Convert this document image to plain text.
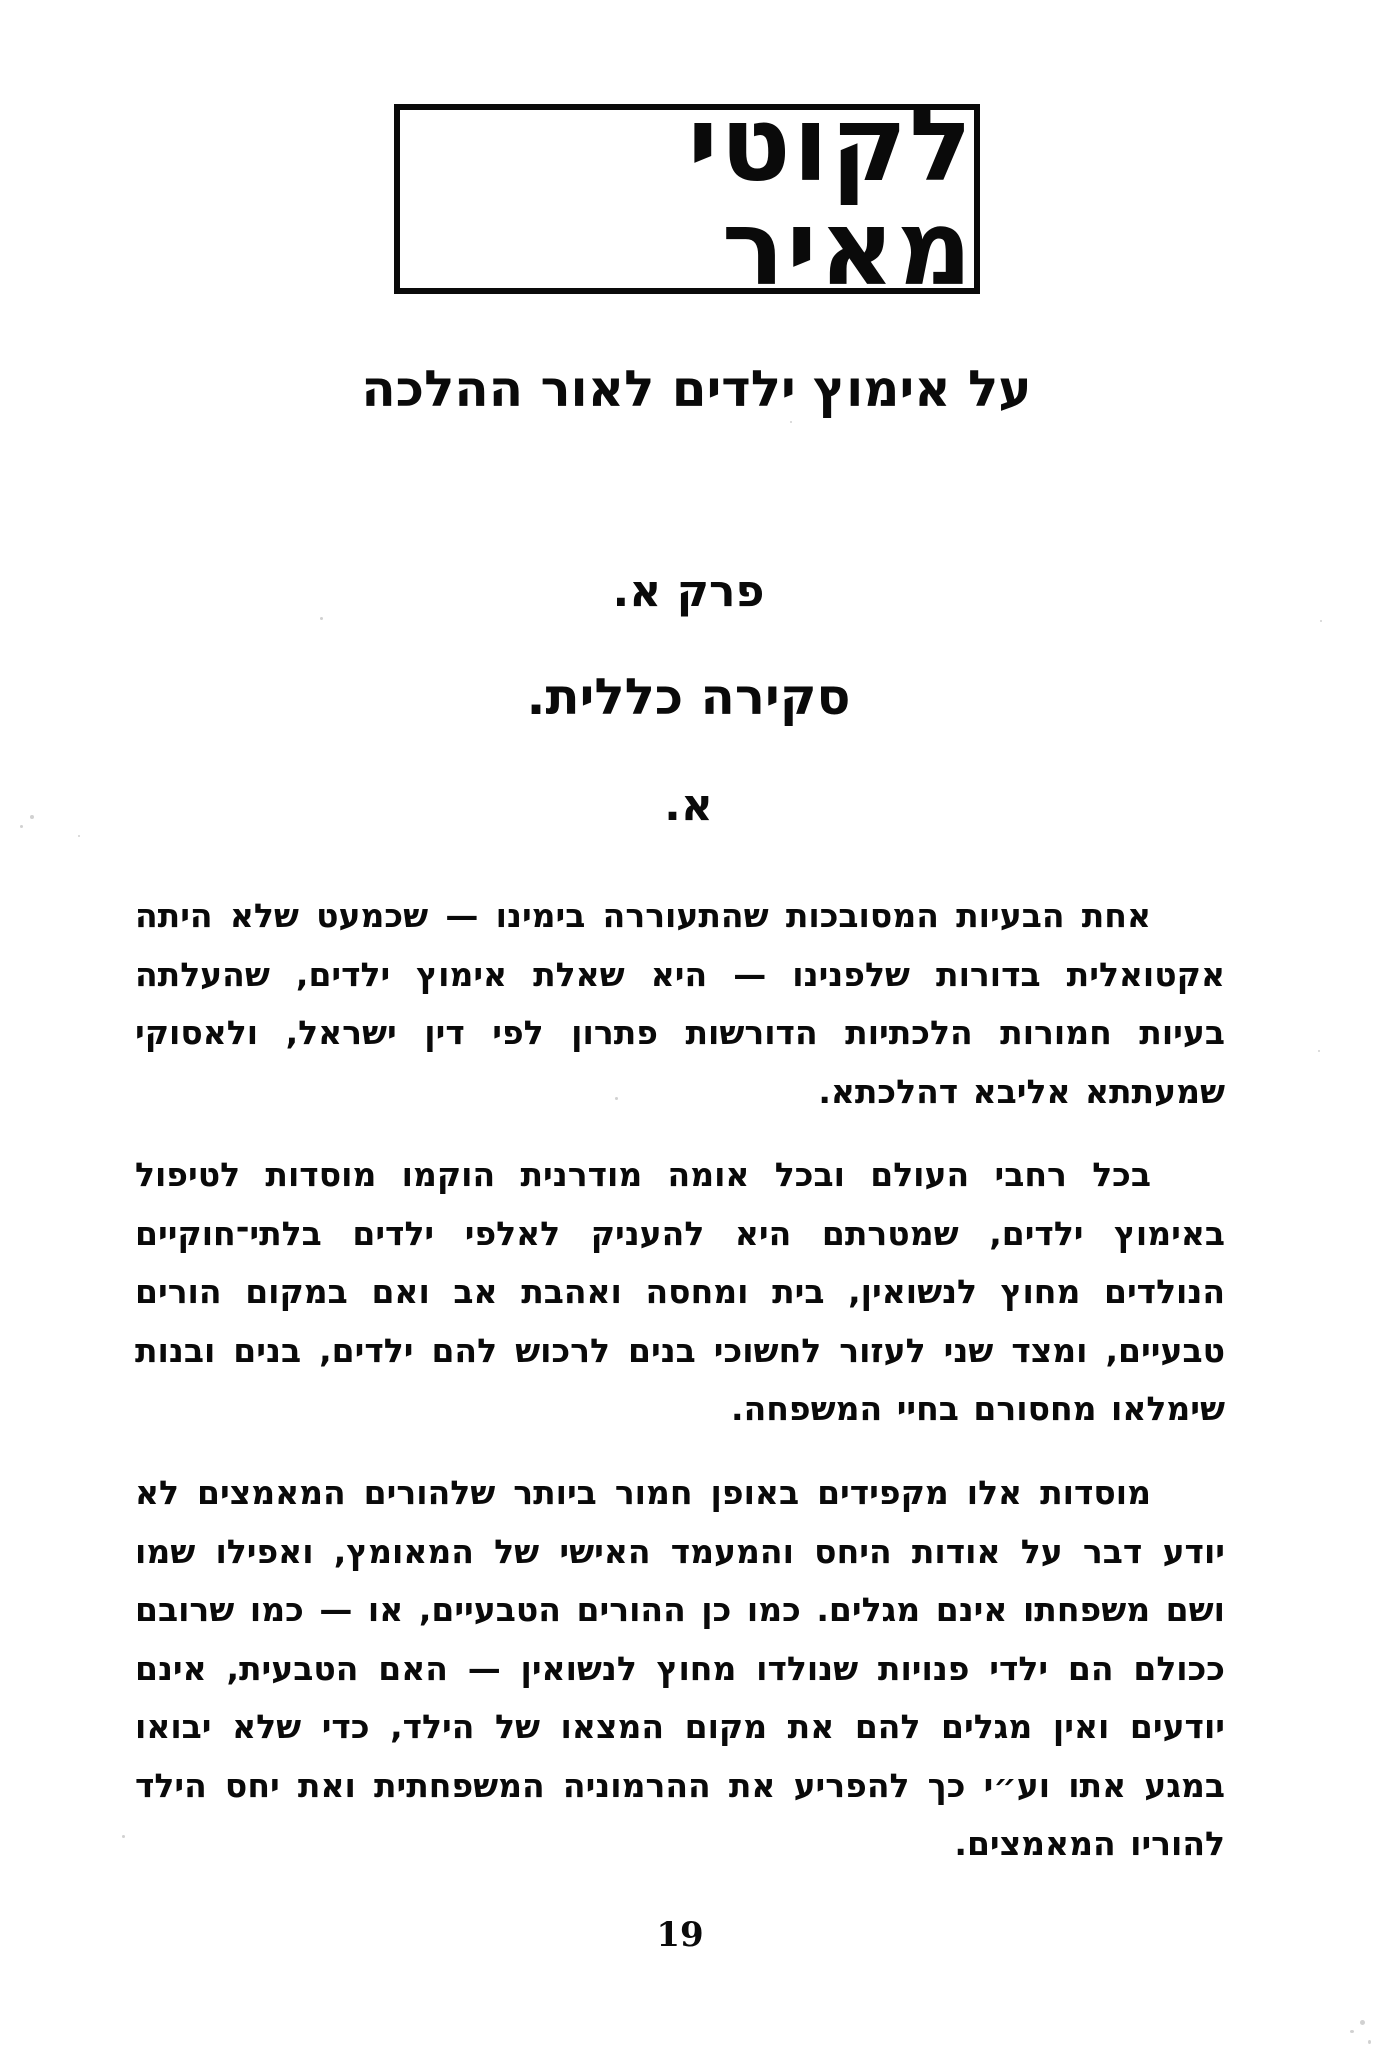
לקוטי מאיר
על אימוץ ילדים לאור ההלכה
פרק א.
סקירה כללית.
א.

אחת הבעיות המסובכות שהתעוררה בימינו — שכמעט שלא היתה אקטואלית בדורות שלפנינו — היא שאלת אימוץ ילדים, שהעלתה בעיות חמורות הלכתיות הדורשות פתרון לפי דין ישראל, ולאסוקי שמעתתא אליבא דהלכתא.

בכל רחבי העולם ובכל אומה מודרנית הוקמו מוסדות לטיפול באימוץ ילדים, שמטרתם היא להעניק לאלפי ילדים בלתי־חוקיים הנולדים מחוץ לנשואין, בית ומחסה ואהבת אב ואם במקום הורים טבעיים, ומצד שני לעזור לחשוכי בנים לרכוש להם ילדים, בנים ובנות שימלאו מחסורם בחיי המשפחה.

מוסדות אלו מקפידים באופן חמור ביותר שלהורים המאמצים לא יודע דבר על אודות היחס והמעמד האישי של המאומץ, ואפילו שמו ושם משפחתו אינם מגלים. כמו כן ההורים הטבעיים, או — כמו שרובם ככולם הם ילדי פנויות שנולדו מחוץ לנשואין — האם הטבעית, אינם יודעים ואין מגלים להם את מקום המצאו של הילד, כדי שלא יבואו במגע אתו וע״י כך להפריע את ההרמוניה המשפחתית ואת יחס הילד להוריו המאמצים.

19
